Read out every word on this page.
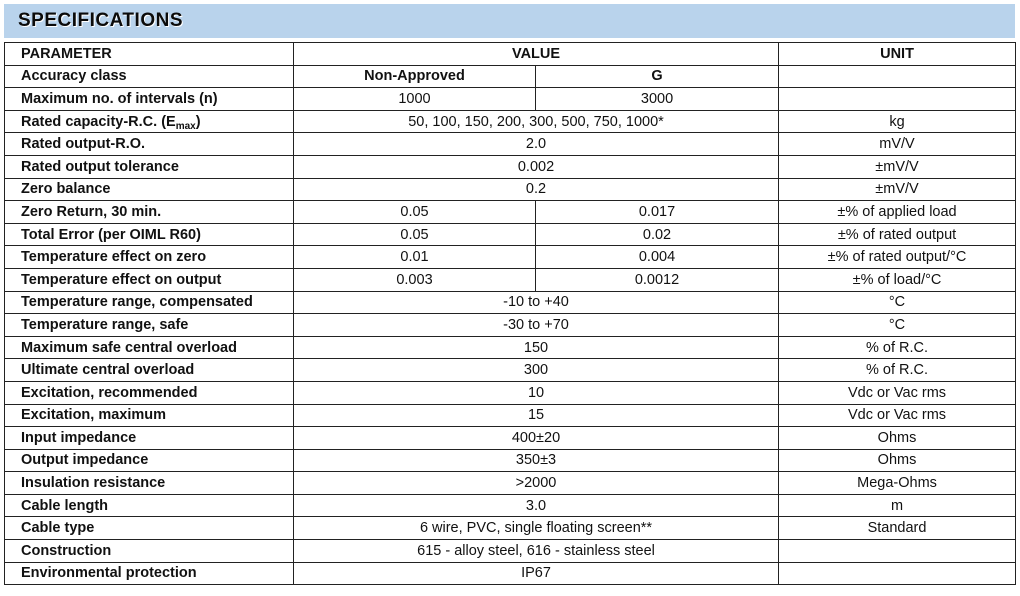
SPECIFICATIONS
PARAMETER	VALUE		UNIT
Accuracy class	Non-Approved	G	
Maximum no. of intervals (n)	1000	3000	
Rated capacity-R.C. $(E_{max})$	50, 100, 150, 200, 300, 500, 750, 1000*		kg
Rated output-R.O.	2.0		mV/V
Rated output tolerance	0.002		±mV/V
Zero balance	0.2		±mV/V
Zero Return, 30 min.	0.05	0.017	±% of applied load
Total Error (per OIML R60)	0.05	0.02	±% of rated output
Temperature effect on zero	0.01	0.004	±% of rated output/°C
Temperature effect on output	0.003	0.0012	±% of load/°C
Temperature range, compensated	-10 to +40		°C
Temperature range, safe	-30 to +70		°C
Maximum safe central overload	150		% of R.C.
Ultimate central overload	300		% of R.C.
Excitation, recommended	10		Vdc or Vac rms
Excitation, maximum	15		Vdc or Vac rms
Input impedance	400±20		Ohms
Output impedance	350±3		Ohms
Insulation resistance	>2000		Mega-Ohms
Cable length	3.0		m
Cable type	6 wire, PVC, single floating screen**		Standard
Construction	615 - alloy steel, 616 - stainless steel		
Environmental protection	IP67		
